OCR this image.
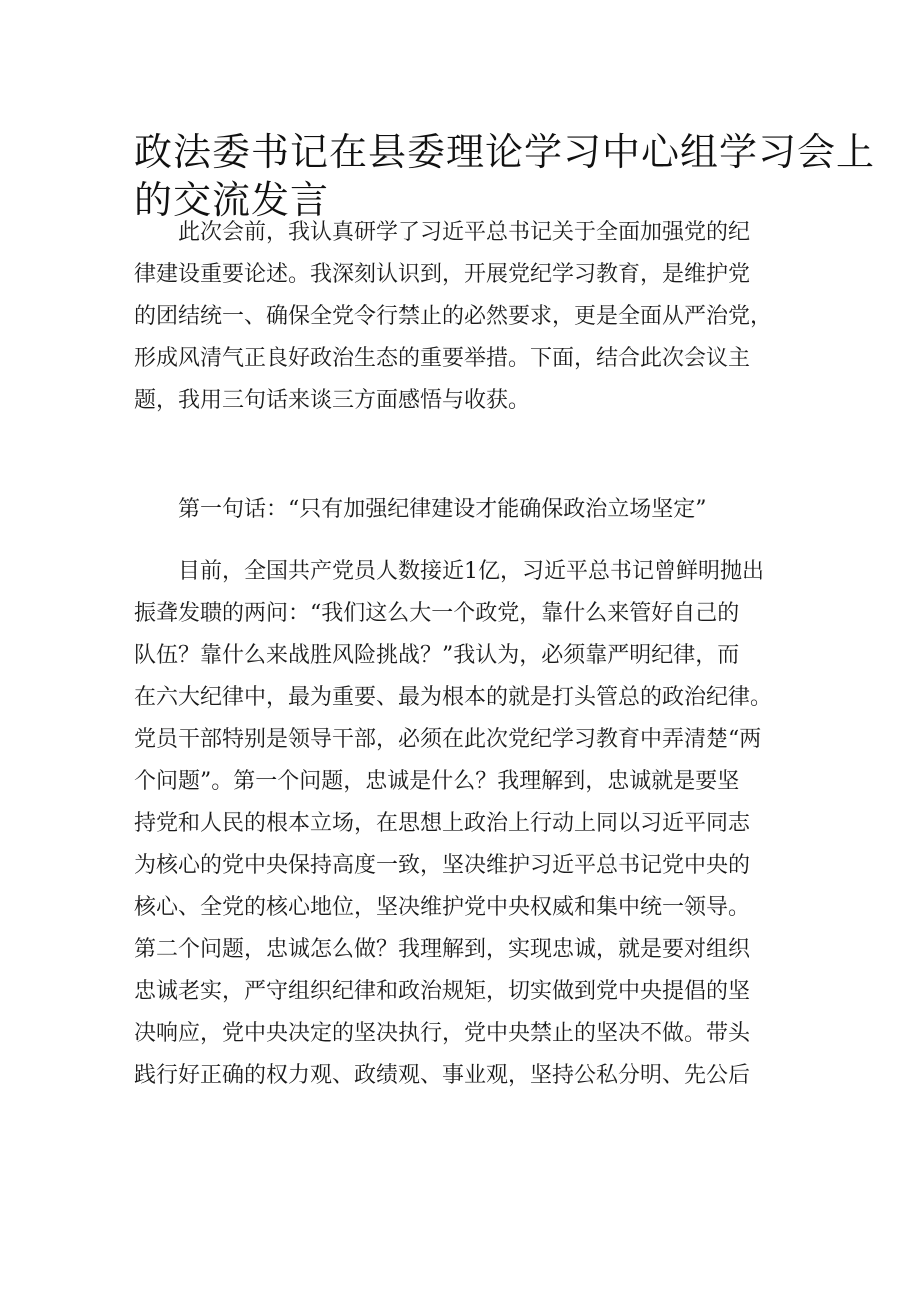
政法委书记在县委理论学习中心组学习会上
的交流发言
此次会前，我认真研学了习近平总书记关于全面加强党的纪
律建设重要论述。我深刻认识到，开展党纪学习教育，是维护党
的团结统一、确保全党令行禁止的必然要求，更是全面从严治党，
形成风清气正良好政治生态的重要举措。下面，结合此次会议主
题，我用三句话来谈三方面感悟与收获。
第一句话：“只有加强纪律建设才能确保政治立场坚定”
目前，全国共产党员人数接近1亿，习近平总书记曾鲜明抛出
振聋发聩的两问：“我们这么大一个政党，靠什么来管好自己的
队伍？靠什么来战胜风险挑战？”我认为，必须靠严明纪律，而
在六大纪律中，最为重要、最为根本的就是打头管总的政治纪律。
党员干部特别是领导干部，必须在此次党纪学习教育中弄清楚“两
个问题”。第一个问题，忠诚是什么？我理解到，忠诚就是要坚
持党和人民的根本立场，在思想上政治上行动上同以习近平同志
为核心的党中央保持高度一致，坚决维护习近平总书记党中央的
核心、全党的核心地位，坚决维护党中央权威和集中统一领导。
第二个问题，忠诚怎么做？我理解到，实现忠诚，就是要对组织
忠诚老实，严守组织纪律和政治规矩，切实做到党中央提倡的坚
决响应，党中央决定的坚决执行，党中央禁止的坚决不做。带头
践行好正确的权力观、政绩观、事业观，坚持公私分明、先公后
